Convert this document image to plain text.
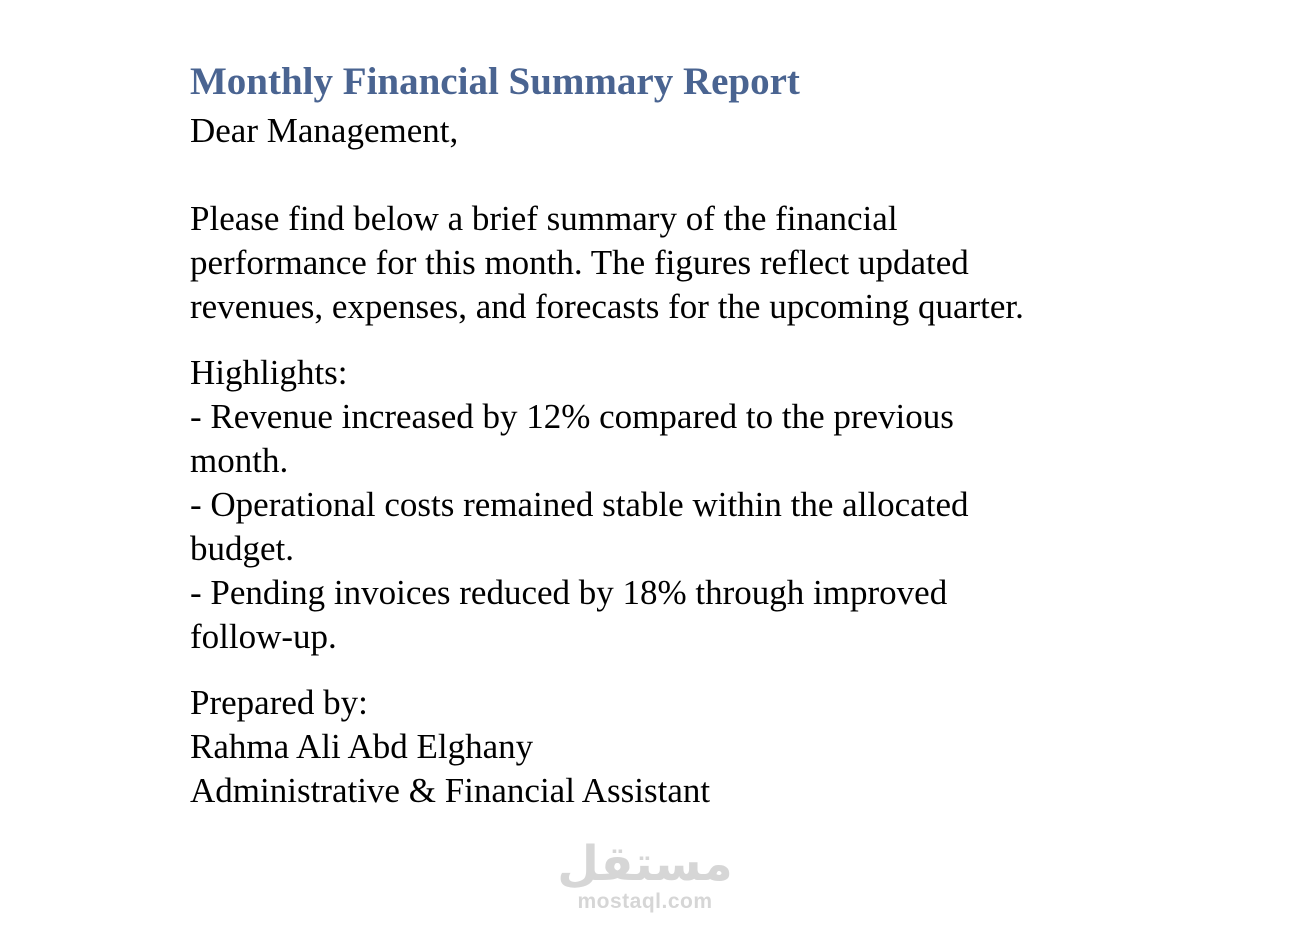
Monthly Financial Summary Report

Dear Management,

Please find below a brief summary of the financial
performance for this month. The figures reflect updated
revenues, expenses, and forecasts for the upcoming quarter.

Highlights:
- Revenue increased by 12% compared to the previous
month.
- Operational costs remained stable within the allocated
budget.
- Pending invoices reduced by 18% through improved
follow-up.
Prepared by:
Rahma Ali Abd Elghany
Administrative & Financial Assistant
مستقل
mostaql.com
